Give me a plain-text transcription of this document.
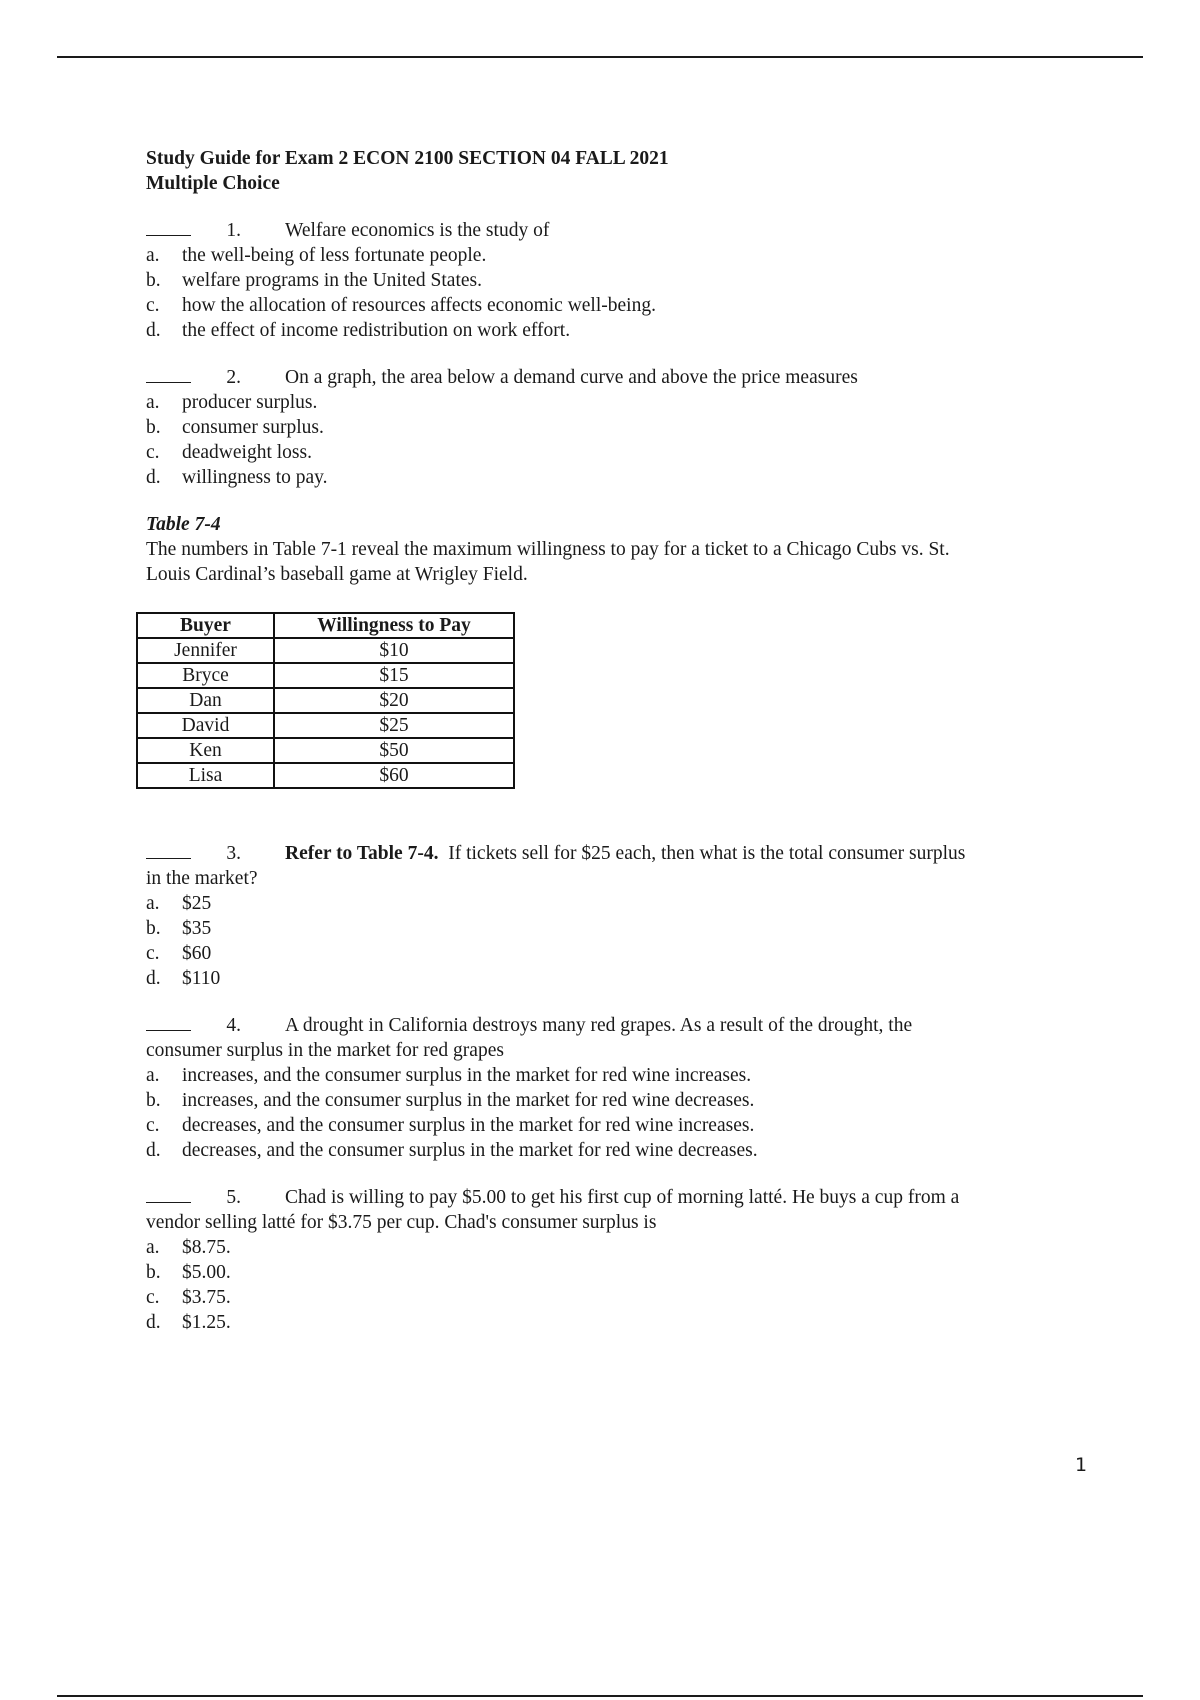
Study Guide for Exam 2 ECON 2100 SECTION 04 FALL 2021
Multiple Choice
1. Welfare economics is the study of
a.	the well-being of less fortunate people.
b.	welfare programs in the United States.
c.	how the allocation of resources affects economic well-being.
d.	the effect of income redistribution on work effort.
2. On a graph, the area below a demand curve and above the price measures
a.	producer surplus.
b.	consumer surplus.
c.	deadweight loss.
d.	willingness to pay.
Table 7-4
The numbers in Table 7-1 reveal the maximum willingness to pay for a ticket to a Chicago Cubs vs. St.
Louis Cardinal’s baseball game at Wrigley Field.
Buyer	Willingness to Pay
Jennifer	$10
Bryce	$15
Dan	$20
David	$25
Ken	$50
Lisa	$60
3. Refer to Table 7-4. If tickets sell for $25 each, then what is the total consumer surplus
in the market?
a.	$25
b.	$35
c.	$60
d.	$110
4. A drought in California destroys many red grapes. As a result of the drought, the
consumer surplus in the market for red grapes
a.	increases, and the consumer surplus in the market for red wine increases.
b.	increases, and the consumer surplus in the market for red wine decreases.
c.	decreases, and the consumer surplus in the market for red wine increases.
d.	decreases, and the consumer surplus in the market for red wine decreases.
5. Chad is willing to pay $5.00 to get his first cup of morning latté. He buys a cup from a
vendor selling latté for $3.75 per cup. Chad's consumer surplus is
a.	$8.75.
b.	$5.00.
c.	$3.75.
d.	$1.25.
1
